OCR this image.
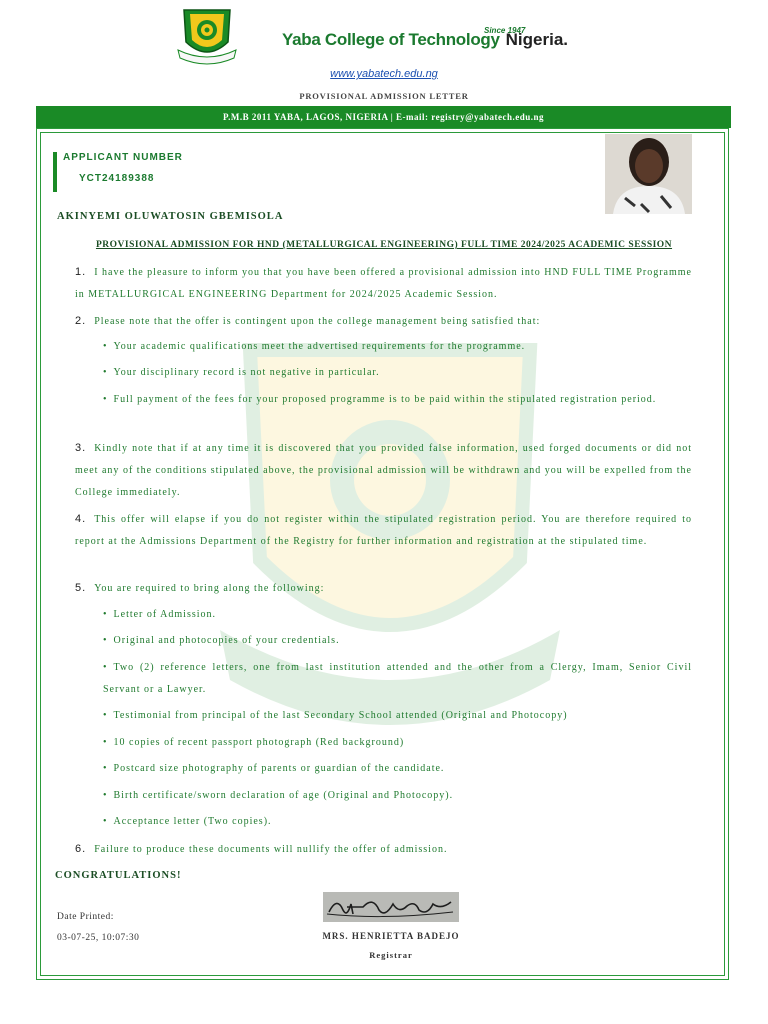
Since 1947
Yaba College of Technology Nigeria.
www.yabatech.edu.ng
PROVISIONAL ADMISSION LETTER
P.M.B 2011 YABA, LAGOS, NIGERIA | E-mail: registry@yabatech.edu.ng
APPLICANT NUMBER
YCT24189388
AKINYEMI OLUWATOSIN GBEMISOLA
PROVISIONAL ADMISSION FOR HND (METALLURGICAL ENGINEERING) FULL TIME 2024/2025 ACADEMIC SESSION
1. I have the pleasure to inform you that you have been offered a provisional admission into HND FULL TIME Programme in METALLURGICAL ENGINEERING Department for 2024/2025 Academic Session.
2. Please note that the offer is contingent upon the college management being satisfied that:
• Your academic qualifications meet the advertised requirements for the programme.
• Your disciplinary record is not negative in particular.
• Full payment of the fees for your proposed programme is to be paid within the stipulated registration period.
3. Kindly note that if at any time it is discovered that you provided false information, used forged documents or did not meet any of the conditions stipulated above, the provisional admission will be withdrawn and you will be expelled from the College immediately.
4. This offer will elapse if you do not register within the stipulated registration period. You are therefore required to report at the Admissions Department of the Registry for further information and registration at the stipulated time.
5. You are required to bring along the following:
• Letter of Admission.
• Original and photocopies of your credentials.
• Two (2) reference letters, one from last institution attended and the other from a Clergy, Imam, Senior Civil Servant or a Lawyer.
• Testimonial from principal of the last Secondary School attended (Original and Photocopy)
• 10 copies of recent passport photograph (Red background)
• Postcard size photography of parents or guardian of the candidate.
• Birth certificate/sworn declaration of age (Original and Photocopy).
• Acceptance letter (Two copies).
6. Failure to produce these documents will nullify the offer of admission.
CONGRATULATIONS!
Date Printed:
03-07-25, 10:07:30	MRS. HENRIETTA BADEJO
Registrar
